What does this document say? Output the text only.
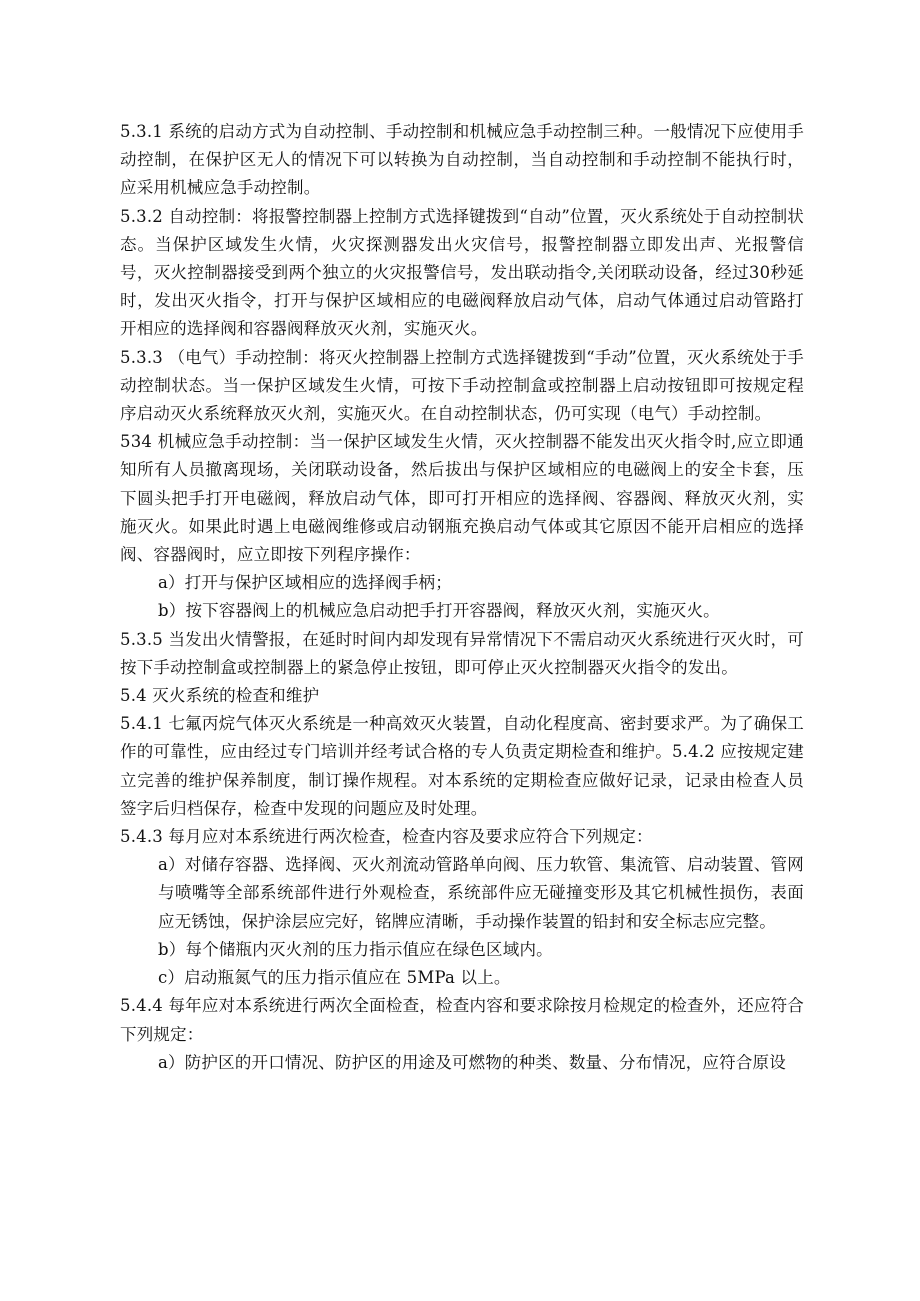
5.3.1 系统的启动方式为自动控制、手动控制和机械应急手动控制三种。一般情况下应使用手动控制，在保护区无人的情况下可以转换为自动控制，当自动控制和手动控制不能执行时，应采用机械应急手动控制。

5.3.2 自动控制：将报警控制器上控制方式选择键拨到“自动”位置，灭火系统处于自动控制状态。当保护区域发生火情，火灾探测器发出火灾信号，报警控制器立即发出声、光报警信号，灭火控制器接受到两个独立的火灾报警信号，发出联动指令,关闭联动设备，经过30秒延时，发出灭火指令，打开与保护区域相应的电磁阀释放启动气体，启动气体通过启动管路打开相应的选择阀和容器阀释放灭火剂，实施灭火。

5.3.3 （电气）手动控制：将灭火控制器上控制方式选择键拨到“手动”位置，灭火系统处于手动控制状态。当一保护区域发生火情，可按下手动控制盒或控制器上启动按钮即可按规定程序启动灭火系统释放灭火剂，实施灭火。在自动控制状态，仍可实现（电气）手动控制。

534 机械应急手动控制：当一保护区域发生火情，灭火控制器不能发出灭火指令时,应立即通知所有人员撤离现场，关闭联动设备，然后拔出与保护区域相应的电磁阀上的安全卡套，压下圆头把手打开电磁阀，释放启动气体，即可打开相应的选择阀、容器阀、释放灭火剂，实施灭火。如果此时遇上电磁阀维修或启动钢瓶充换启动气体或其它原因不能开启相应的选择阀、容器阀时，应立即按下列程序操作：

a）打开与保护区域相应的选择阀手柄；

b）按下容器阀上的机械应急启动把手打开容器阀，释放灭火剂，实施灭火。

5.3.5 当发出火情警报，在延时时间内却发现有异常情况下不需启动灭火系统进行灭火时，可按下手动控制盒或控制器上的紧急停止按钮，即可停止灭火控制器灭火指令的发出。

5.4 灭火系统的检查和维护

5.4.1 七氟丙烷气体灭火系统是一种高效灭火装置，自动化程度高、密封要求严。为了确保工作的可靠性，应由经过专门培训并经考试合格的专人负责定期检查和维护。5.4.2 应按规定建立完善的维护保养制度，制订操作规程。对本系统的定期检查应做好记录，记录由检查人员签字后归档保存，检查中发现的问题应及时处理。

5.4.3 每月应对本系统进行两次检查，检查内容及要求应符合下列规定：

a）对储存容器、选择阀、灭火剂流动管路单向阀、压力软管、集流管、启动装置、管网与喷嘴等全部系统部件进行外观检查，系统部件应无碰撞变形及其它机械性损伤，表面应无锈蚀，保护涂层应完好，铭牌应清晰，手动操作装置的铅封和安全标志应完整。

b）每个储瓶内灭火剂的压力指示值应在绿色区域内。

c）启动瓶氮气的压力指示值应在 5MPa 以上。

5.4.4 每年应对本系统进行两次全面检查，检查内容和要求除按月检规定的检查外，还应符合下列规定：

a）防护区的开口情况、防护区的用途及可燃物的种类、数量、分布情况，应符合原设
